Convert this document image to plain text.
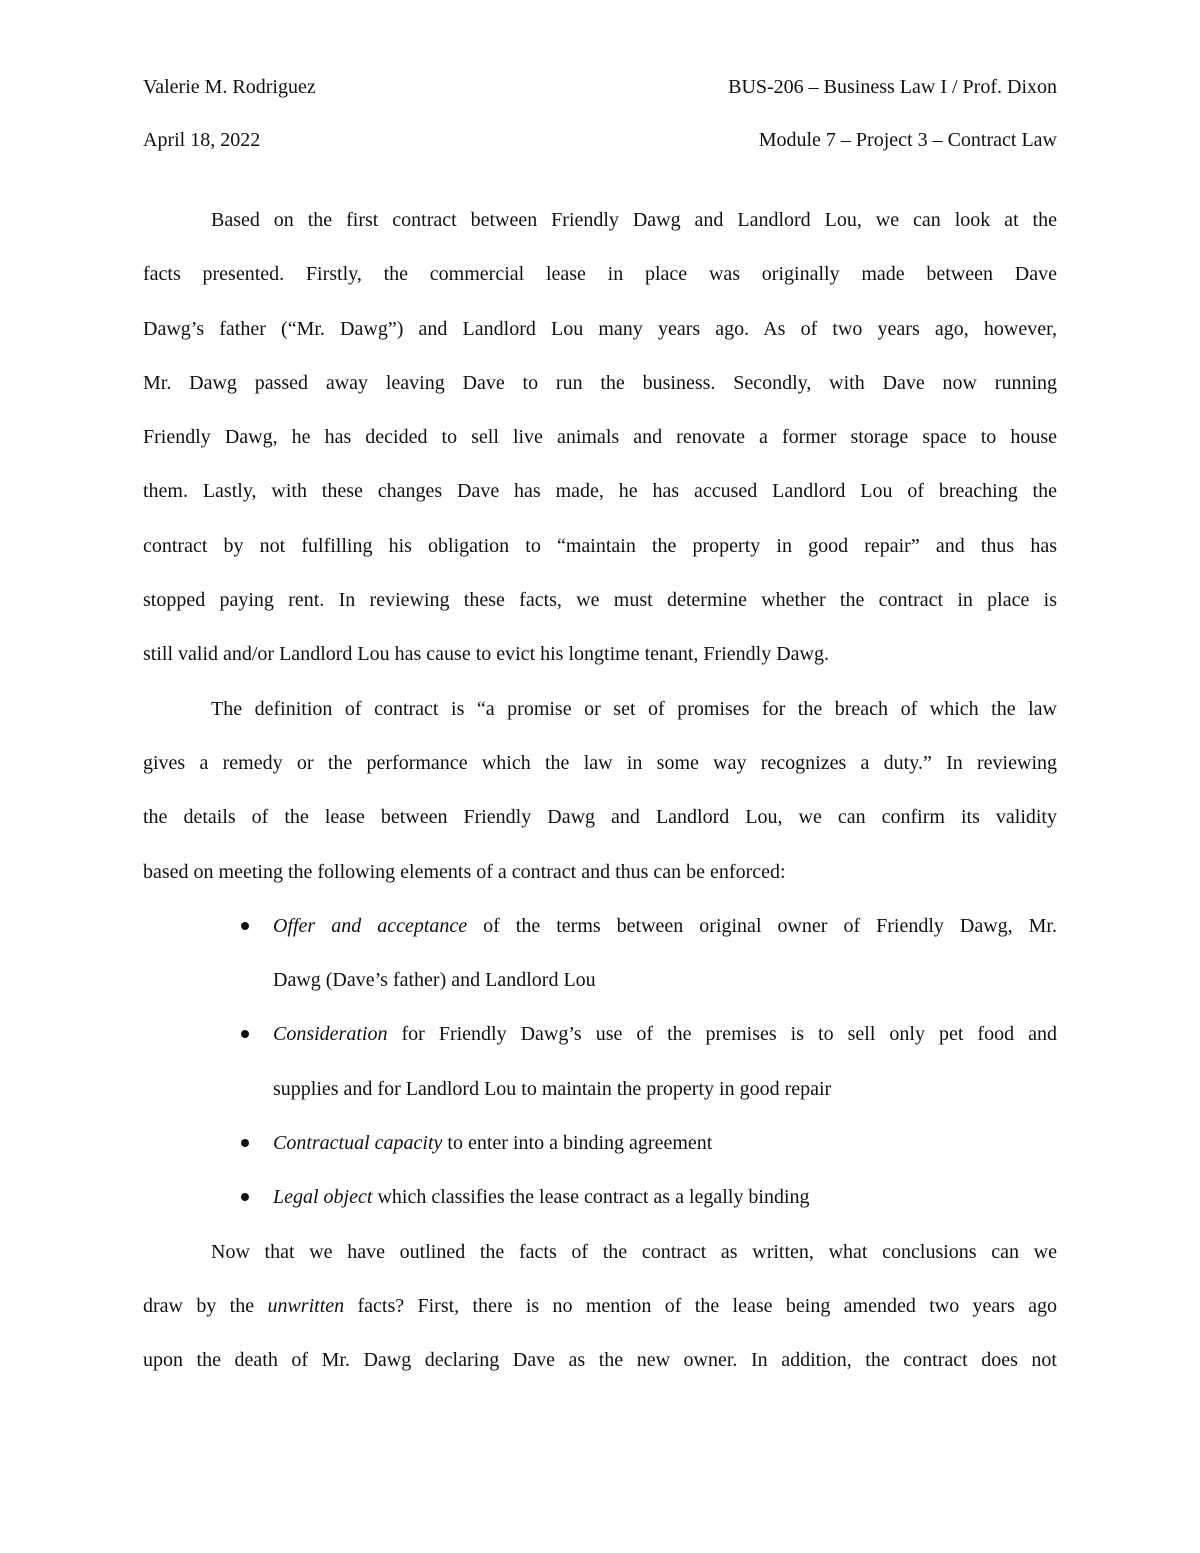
Valerie M. Rodriguez	BUS-206 – Business Law I / Prof. Dixon
April 18, 2022	Module 7 – Project 3 – Contract Law
Based on the first contract between Friendly Dawg and Landlord Lou, we can look at the
facts presented. Firstly, the commercial lease in place was originally made between Dave
Dawg’s father (“Mr. Dawg”) and Landlord Lou many years ago. As of two years ago, however,
Mr. Dawg passed away leaving Dave to run the business. Secondly, with Dave now running
Friendly Dawg, he has decided to sell live animals and renovate a former storage space to house
them. Lastly, with these changes Dave has made, he has accused Landlord Lou of breaching the
contract by not fulfilling his obligation to “maintain the property in good repair” and thus has
stopped paying rent. In reviewing these facts, we must determine whether the contract in place is
still valid and/or Landlord Lou has cause to evict his longtime tenant, Friendly Dawg.
The definition of contract is “a promise or set of promises for the breach of which the law
gives a remedy or the performance which the law in some way recognizes a duty.” In reviewing
the details of the lease between Friendly Dawg and Landlord Lou, we can confirm its validity
based on meeting the following elements of a contract and thus can be enforced:
Offer and acceptance of the terms between original owner of Friendly Dawg, Mr.
Dawg (Dave’s father) and Landlord Lou
Consideration for Friendly Dawg’s use of the premises is to sell only pet food and
supplies and for Landlord Lou to maintain the property in good repair
Contractual capacity to enter into a binding agreement
Legal object which classifies the lease contract as a legally binding
Now that we have outlined the facts of the contract as written, what conclusions can we
draw by the unwritten facts? First, there is no mention of the lease being amended two years ago
upon the death of Mr. Dawg declaring Dave as the new owner. In addition, the contract does not
